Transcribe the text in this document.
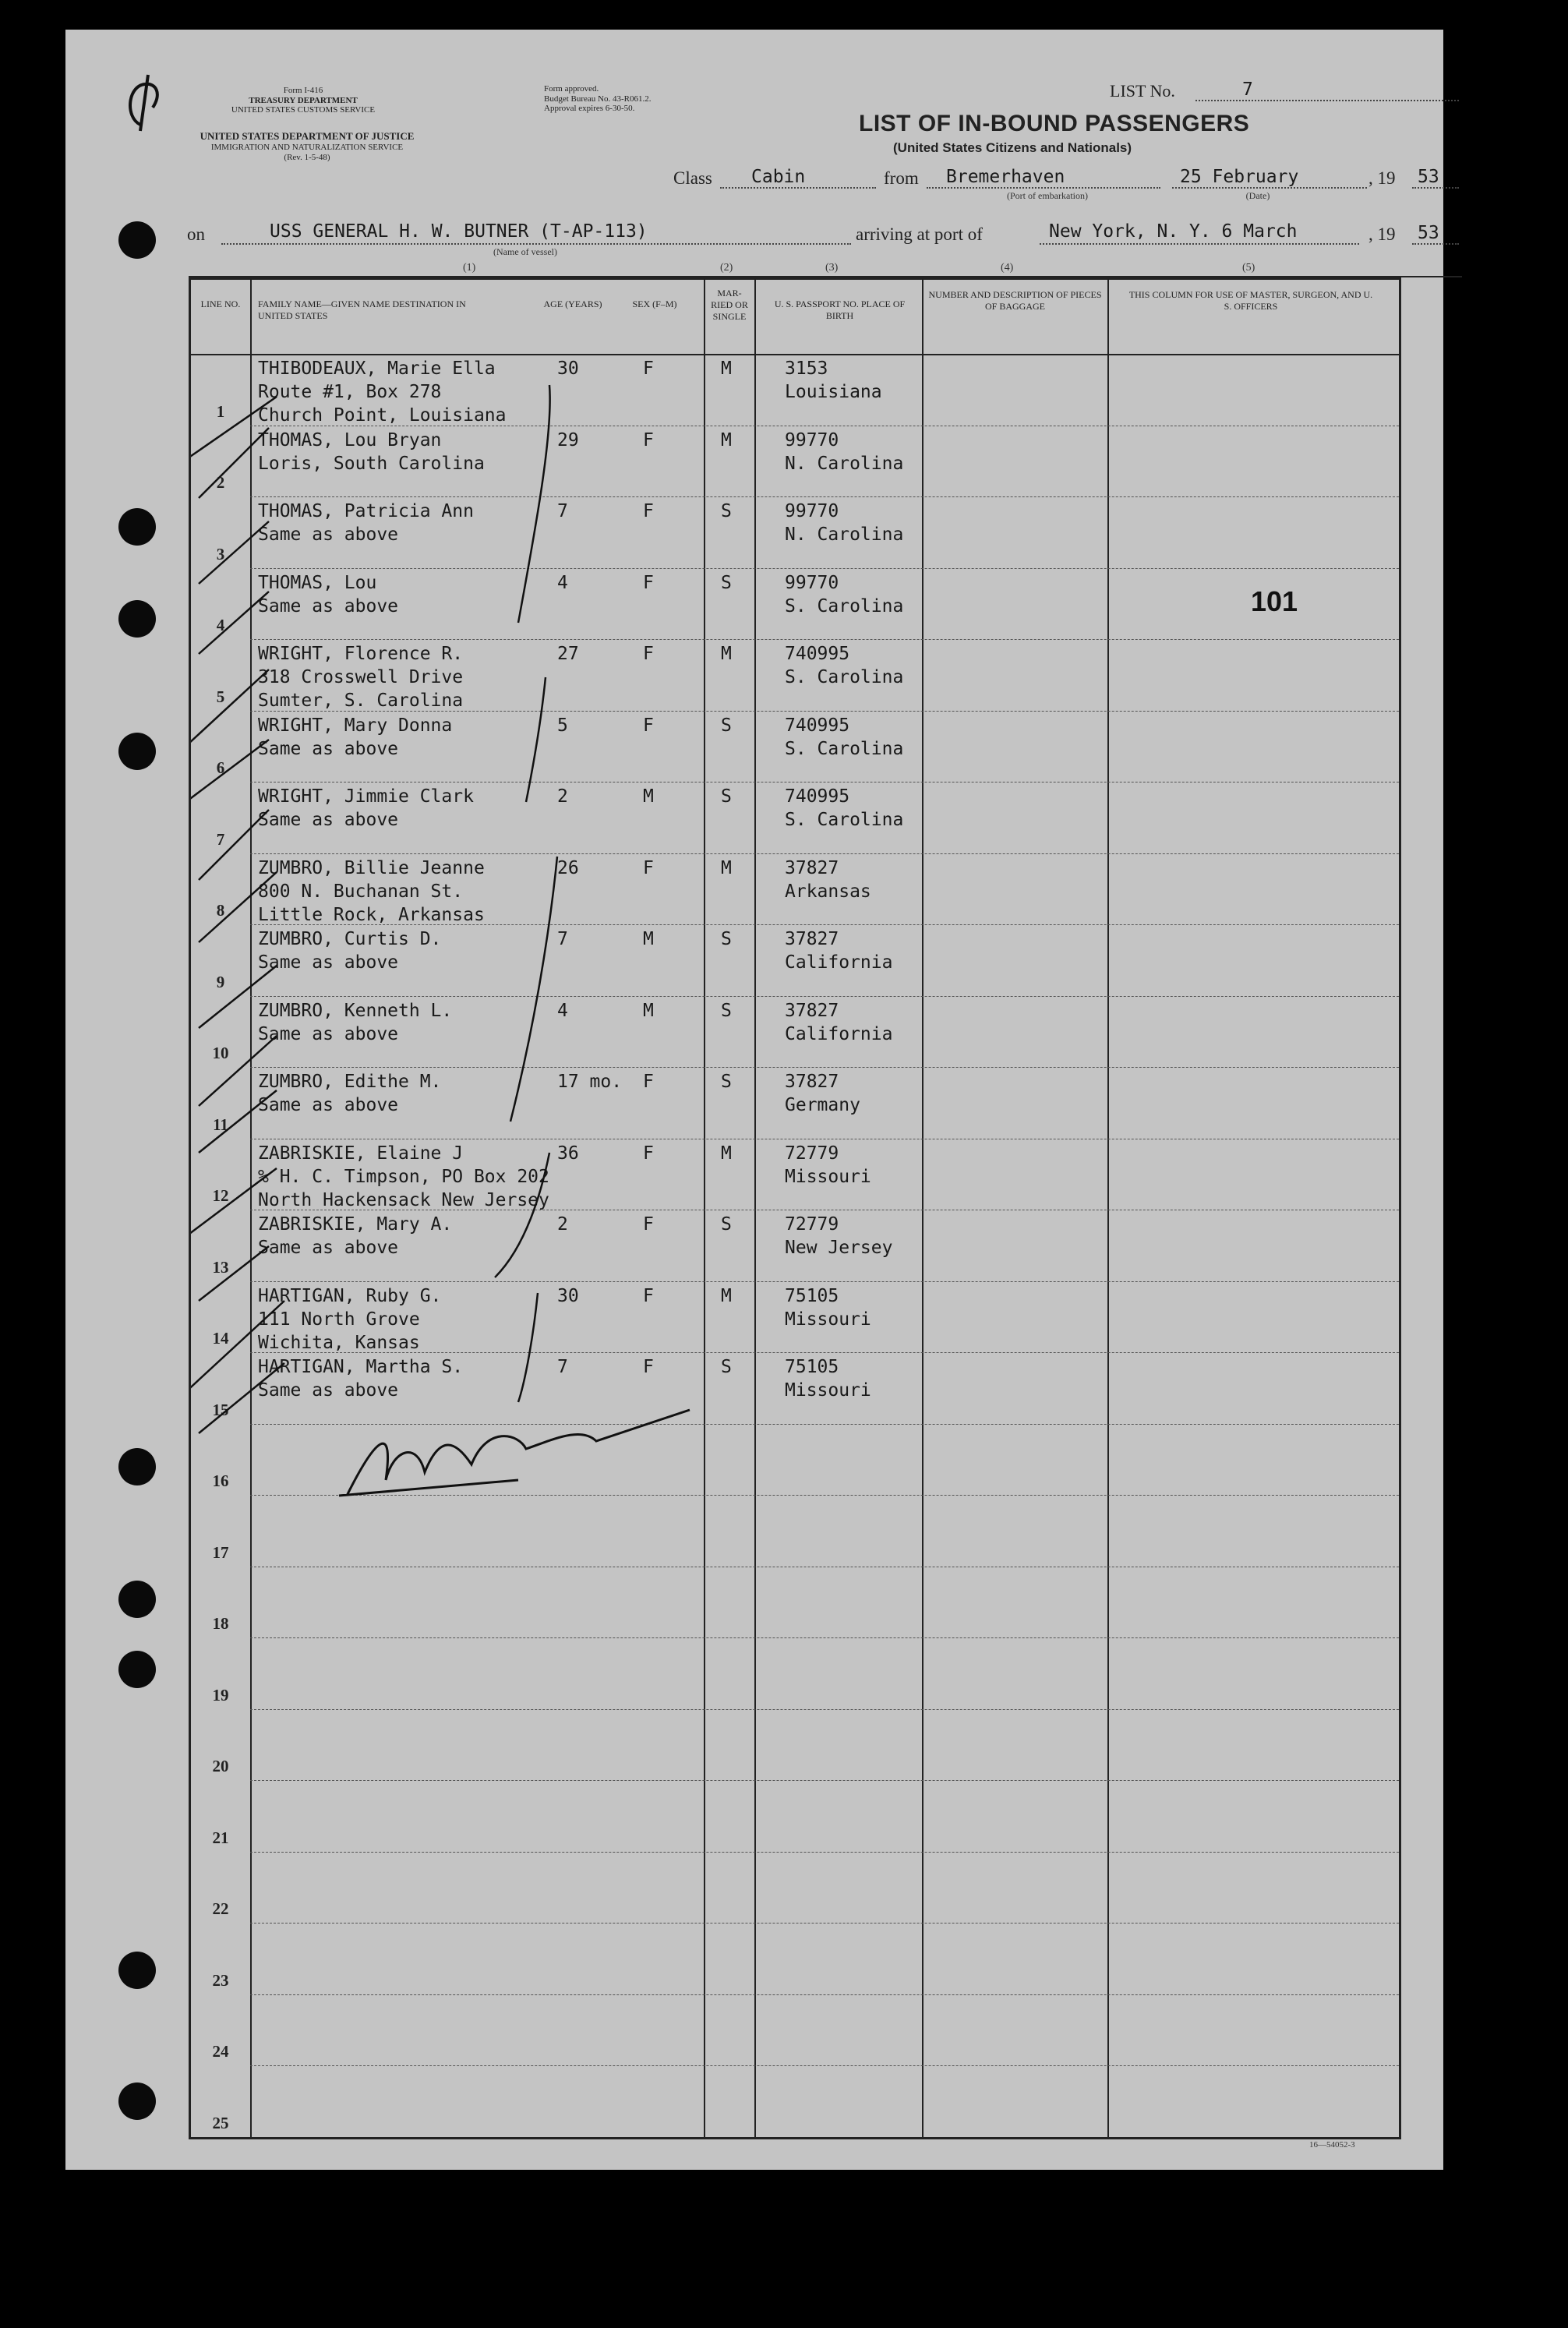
Form I-416
TREASURY DEPARTMENT
UNITED STATES CUSTOMS SERVICE
UNITED STATES DEPARTMENT OF JUSTICE
IMMIGRATION AND NATURALIZATION SERVICE
(Rev. 1-5-48)
Form approved.
Budget Bureau No. 43-R061.2.
Approval expires 6-30-50.
LIST No.	7
LIST OF IN-BOUND PASSENGERS
(United States Citizens and Nationals)
Class Cabin	from Bremerhaven
(Port of embarkation)
25 February
(Date)
, 19 53
on	USS GENERAL H. W. BUTNER (T-AP-113)
(Name of vessel)
arriving at port of	New York, N. Y. 6 March	, 19 53
(1)	(2)	(3)	(4)	(5)
LINE NO. FAMILY NAME—GIVEN NAME DESTINATION IN UNITED STATES
AGE (YEARS)	SEX (F–M)
MAR- RIED OR SINGLE
U. S. PASSPORT NO. PLACE OF BIRTH
NUMBER AND DESCRIPTION OF PIECES OF BAGGAGE
THIS COLUMN FOR USE OF MASTER, SURGEON, AND U. S. OFFICERS
1
THIBODEAUX, Marie Ella
Route #1, Box 278
Church Point, Louisiana
30	F	M	3153
Louisiana
2
THOMAS, Lou Bryan
Loris, South Carolina
29	F	M	99770
N. Carolina
3
THOMAS, Patricia Ann
Same as above
7	F	S	99770
N. Carolina
4
THOMAS, Lou
Same as above
4	F	S	99770
S. Carolina
5
WRIGHT, Florence R.
318 Crosswell Drive
Sumter, S. Carolina
27	F	M	740995
S. Carolina
6
WRIGHT, Mary Donna
Same as above
5	F	S	740995
S. Carolina
7
WRIGHT, Jimmie Clark
Same as above
2	M	S	740995
S. Carolina
8
ZUMBRO, Billie Jeanne
800 N. Buchanan St.
Little Rock, Arkansas
26	F	M	37827
Arkansas
9
ZUMBRO, Curtis D.
Same as above
7	M	S	37827
California
10
ZUMBRO, Kenneth L.
Same as above
4	M	S	37827
California
11
ZUMBRO, Edithe M.
Same as above
17 mo. F	S	37827
Germany
12
ZABRISKIE, Elaine J
% H. C. Timpson, PO Box 202
North Hackensack New Jersey
36	F	M	72779
Missouri
13
ZABRISKIE, Mary A.
Same as above
2	F	S	72779
New Jersey
14
HARTIGAN, Ruby G.
111 North Grove
Wichita, Kansas
30	F	M	75105
Missouri
15
HARTIGAN, Martha S.
Same as above
7	F	S	75105
Missouri
16
17
18
19
20
21
22
23
24
25
101
16—54052-3
